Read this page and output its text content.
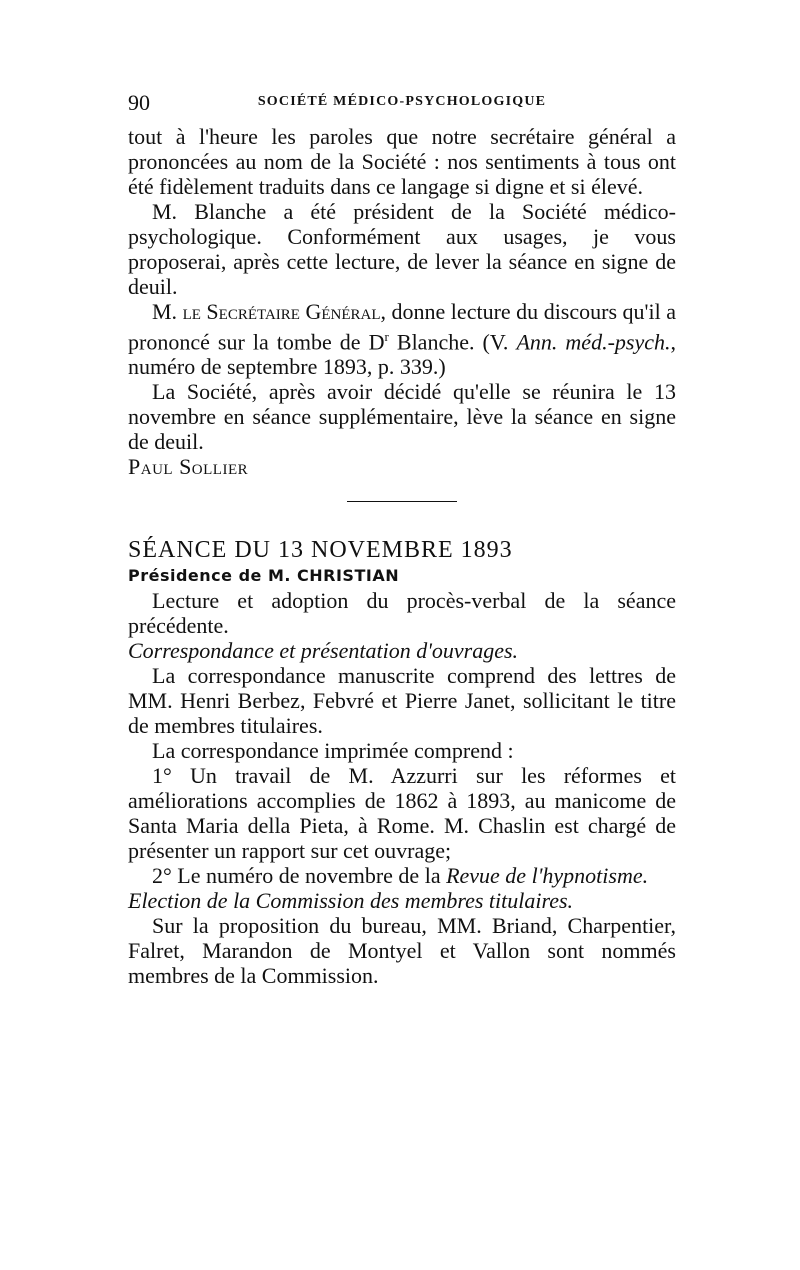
90	SOCIÉTÉ MÉDICO-PSYCHOLOGIQUE

tout à l'heure les paroles que notre secrétaire général a prononcées au nom de la Société : nos sentiments à tous ont été fidèlement traduits dans ce langage si digne et si élevé.

M. Blanche a été président de la Société médico-psychologique. Conformément aux usages, je vous proposerai, après cette lecture, de lever la séance en signe de deuil.

M. le Secrétaire Général, donne lecture du discours qu'il a prononcé sur la tombe de $D^r$ Blanche. (V. Ann. méd.-psych., numéro de septembre 1893, p. 339.)

La Société, après avoir décidé qu'elle se réunira le 13 novembre en séance supplémentaire, lève la séance en signe de deuil.

Paul Sollier

SÉANCE DU 13 NOVEMBRE 1893

Présidence de M. CHRISTIAN

Lecture et adoption du procès-verbal de la séance précédente.

Correspondance et présentation d'ouvrages.

La correspondance manuscrite comprend des lettres de MM. Henri Berbez, Febvré et Pierre Janet, sollicitant le titre de membres titulaires.

La correspondance imprimée comprend :

1° Un travail de M. Azzurri sur les réformes et améliorations accomplies de 1862 à 1893, au manicome de Santa Maria della Pieta, à Rome. M. Chaslin est chargé de présenter un rapport sur cet ouvrage;

2° Le numéro de novembre de la Revue de l'hypnotisme.

Election de la Commission des membres titulaires.

Sur la proposition du bureau, MM. Briand, Charpentier, Falret, Marandon de Montyel et Vallon sont nommés membres de la Commission.
